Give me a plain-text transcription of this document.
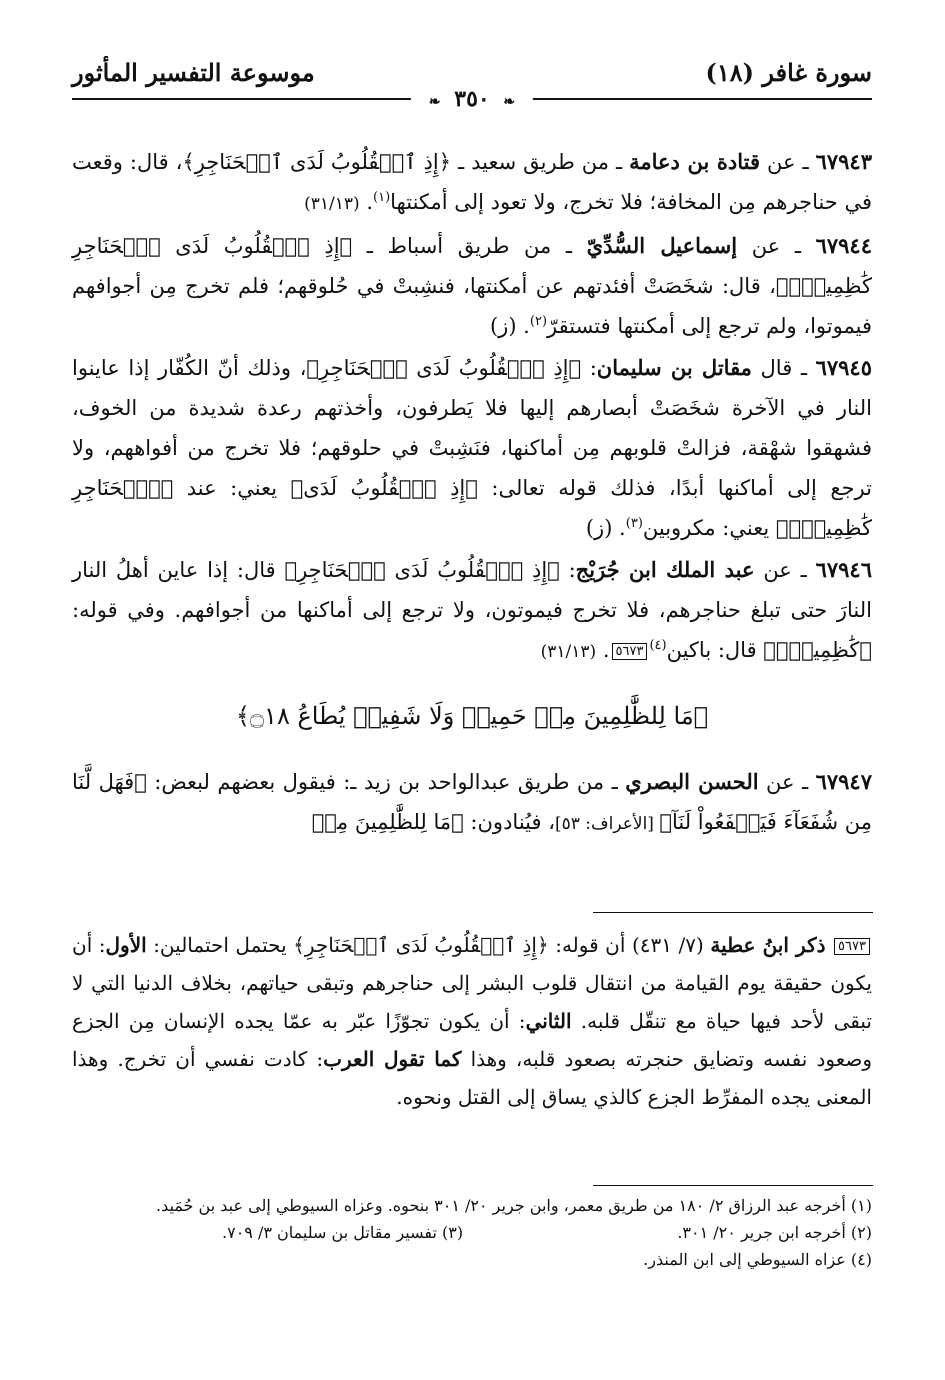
سورة غافر (١٨)
موسوعة التفسير المأثور
❧ ٣٥٠ ❧

٦٧٩٤٣ ـ عن قتادة بن دعامة ـ من طريق سعيد ـ ﴿إِذِ ٱلۡقُلُوبُ لَدَى ٱلۡحَنَاجِرِ﴾، قال: وقعت في حناجرهم مِن المخافة؛ فلا تخرج، ولا تعود إلى أمكنتها$^{(١)}$. (٣١/١٣)

٦٧٩٤٤ ـ عن إسماعيل السُّدِّيّ ـ من طريق أسباط ـ ﴿إِذِ ٱلۡقُلُوبُ لَدَى ٱلۡحَنَاجِرِ كَٰظِمِينَۚ﴾، قال: شخَصَتْ أفئدتهم عن أمكنتها، فنشِبتْ في حُلوقهم؛ فلم تخرج مِن أجوافهم فيموتوا، ولم ترجع إلى أمكنتها فتستقرّ$^{(٢)}$. (ز)

٦٧٩٤٥ ـ قال مقاتل بن سليمان: ﴿إِذِ ٱلۡقُلُوبُ لَدَى ٱلۡحَنَاجِرِ﴾، وذلك أنّ الكُفّار إذا عاينوا النار في الآخرة شخَصَتْ أبصارهم إليها فلا يَطرفون، وأخذتهم رعدة شديدة من الخوف، فشهقوا شهْقة، فزالتْ قلوبهم مِن أماكنها، فنَشِبتْ في حلوقهم؛ فلا تخرج من أفواههم، ولا ترجع إلى أماكنها أبدًا، فذلك قوله تعالى: ﴿إِذِ ٱلۡقُلُوبُ لَدَى﴾ يعني: عند ﴿ٱلۡحَنَاجِرِ كَٰظِمِينَۚ﴾ يعني: مكروبين$^{(٣)}$. (ز)

٦٧٩٤٦ ـ عن عبد الملك ابن جُرَيْج: ﴿إِذِ ٱلۡقُلُوبُ لَدَى ٱلۡحَنَاجِرِ﴾ قال: إذا عاين أهلُ النار النارَ حتى تبلغ حناجرهم، فلا تخرج فيموتون، ولا ترجع إلى أماكنها من أجوافهم. وفي قوله: ﴿كَٰظِمِينَۚ﴾ قال: باكين$^{(٤)}$٥٦٧٣. (٣١/١٣)

﴿مَا لِلظَّٰلِمِينَ مِنۡ حَمِيمٖ وَلَا شَفِيعٖ يُطَاعُ ۝١٨﴾

٦٧٩٤٧ ـ عن الحسن البصري ـ من طريق عبدالواحد بن زيد ـ: فيقول بعضهم لبعض: ﴿فَهَل لَّنَا مِن شُفَعَآءَ فَيَشۡفَعُواْ لَنَآ﴾ [الأعراف: ٥٣]، فيُنادون: ﴿مَا لِلظَّٰلِمِينَ مِنۡ

٥٦٧٣ ذكر ابنُ عطية (٧/ ٤٣١) أن قوله: ﴿إِذِ ٱلۡقُلُوبُ لَدَى ٱلۡحَنَاجِرِ﴾ يحتمل احتمالين: الأول: أن يكون حقيقة يوم القيامة من انتقال قلوب البشر إلى حناجرهم وتبقى حياتهم، بخلاف الدنيا التي لا تبقى لأحد فيها حياة مع تنقّل قلبه. الثاني: أن يكون تجوّزًا عبّر به عمّا يجده الإنسان مِن الجزع وصعود نفسه وتضايق حنجرته بصعود قلبه، وهذا كما تقول العرب: كادت نفسي أن تخرج. وهذا المعنى يجده المفرِّط الجزع كالذي يساق إلى القتل ونحوه.
(١) أخرجه عبد الرزاق ٢/ ١٨٠ من طريق معمر، وابن جرير ٢٠/ ٣٠١ بنحوه. وعزاه السيوطي إلى عبد بن حُمَيد.
(٢) أخرجه ابن جرير ٢٠/ ٣٠١.
(٣) تفسير مقاتل بن سليمان ٣/ ٧٠٩.
(٤) عزاه السيوطي إلى ابن المنذر.
